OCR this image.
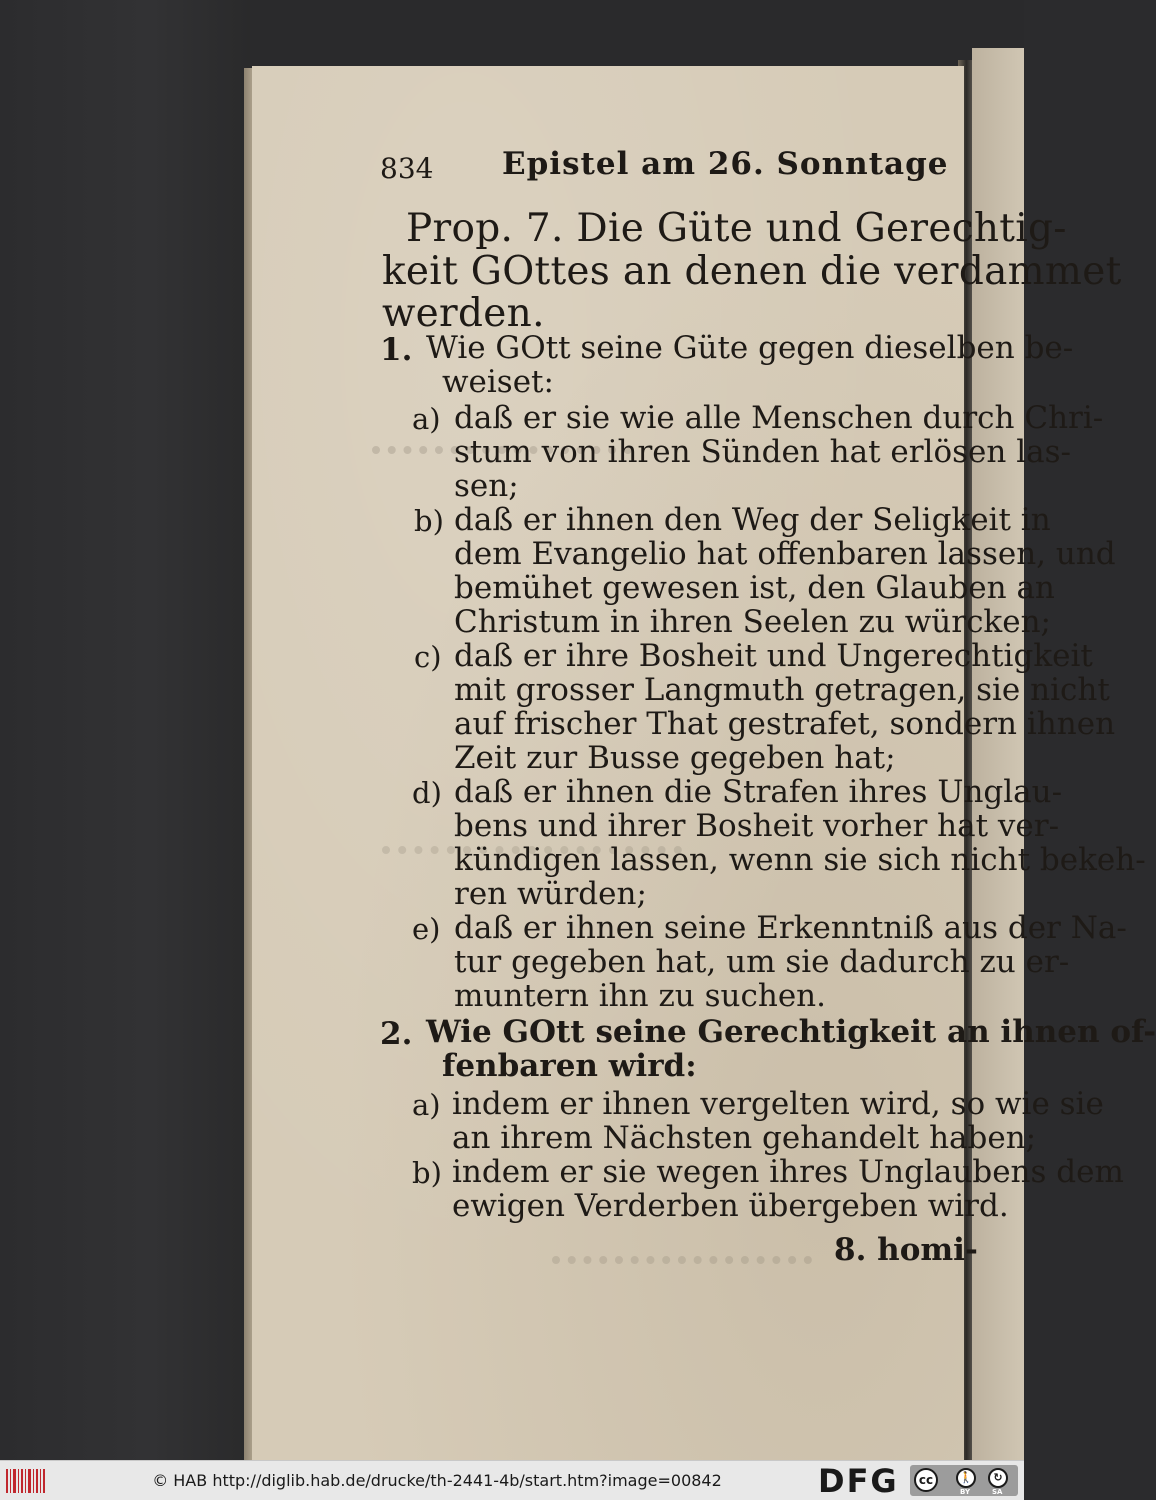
834 Epistel am 26. Sonntage
Prop. 7. Die Güte und Gerechtig-
keit GOttes an denen die verdammet
werden.
1. Wie GOtt seine Güte gegen dieselben be-
weiset:
a) daß er sie wie alle Menschen durch Chri-
stum von ihren Sünden hat erlösen las-
sen;
b) daß er ihnen den Weg der Seligkeit in
dem Evangelio hat offenbaren lassen, und
bemühet gewesen ist, den Glauben an
Christum in ihren Seelen zu würcken;
c) daß er ihre Bosheit und Ungerechtigkeit
mit grosser Langmuth getragen, sie nicht
auf frischer That gestrafet, sondern ihnen
Zeit zur Busse gegeben hat;
d) daß er ihnen die Strafen ihres Unglau-
bens und ihrer Bosheit vorher hat ver-
kündigen lassen, wenn sie sich nicht bekeh-
ren würden;
e) daß er ihnen seine Erkenntniß aus der Na-
tur gegeben hat, um sie dadurch zu er-
muntern ihn zu suchen.
2. Wie GOtt seine Gerechtigkeit an ihnen of-
fenbaren wird:
a) indem er ihnen vergelten wird, so wie sie
an ihrem Nächsten gehandelt haben;
b) indem er sie wegen ihres Unglaubens dem
ewigen Verderben übergeben wird.
8. homi-
© HAB http://diglib.hab.de/drucke/th-2441-4b/start.htm?image=00842	DFG	cc	🚶	↻
BY	SA
